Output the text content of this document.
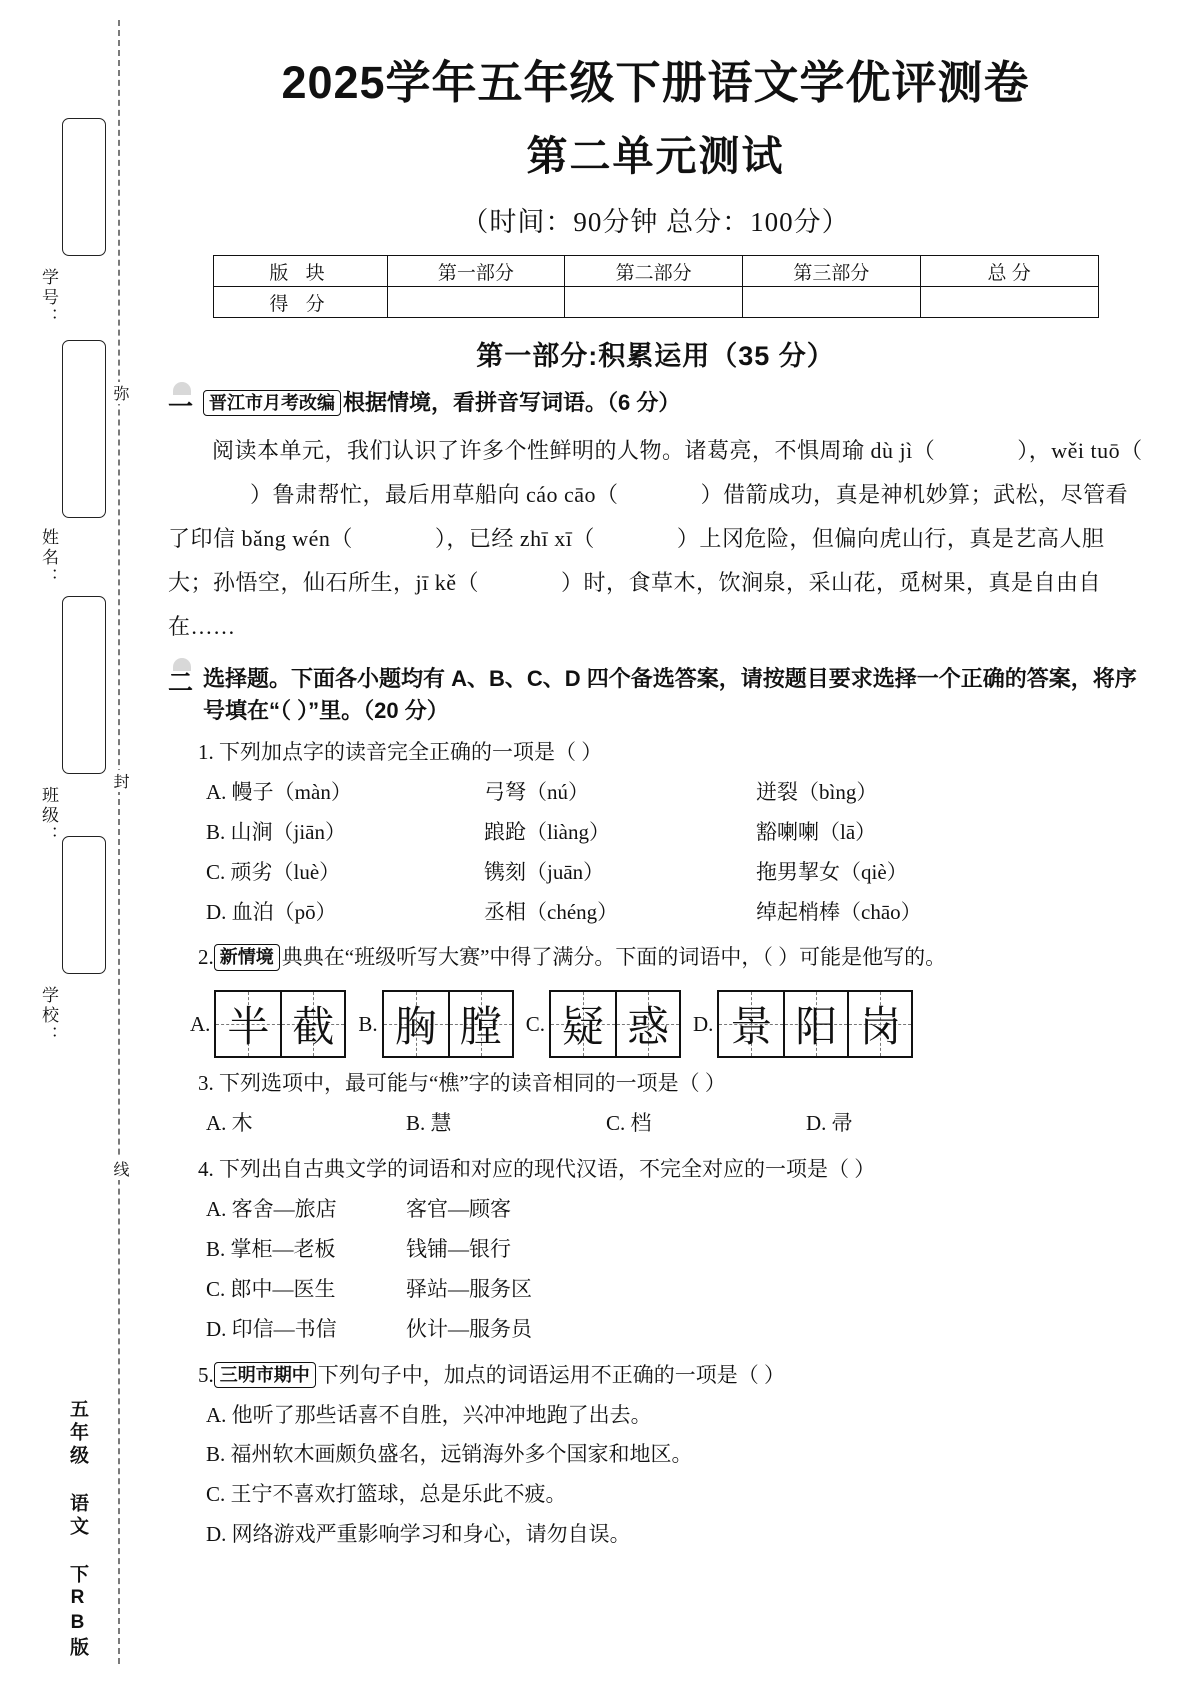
学号：
姓名：
班级：
学校：
弥
封
线
五年级 语文 下RB版
2025学年五年级下册语文学优评测卷
第二单元测试
（时间：90分钟 总分：100分）
版 块	第一部分	第二部分	第三部分	总 分
得 分				
第一部分:积累运用（35 分）
一 晋江市月考改编 根据情境，看拼音写词语。（6 分）
阅读本单元，我们认识了许多个性鲜明的人物。诸葛亮，不惧周瑜 dù jì（	），wěi tuō（）鲁肃帮忙，最后用草船向 cáo cāo（	）借箭成功，真是神机妙算；武松，尽管看了印信 bǎng wén（	），已经 zhī xī（	）上冈危险，但偏向虎山行，真是艺高人胆大；孙悟空，仙石所生，jī kě（	）时，食草木，饮涧泉，采山花，觅树果，真是自由自在……
二 选择题。下面各小题均有 A、B、C、D 四个备选答案，请按题目要求选择一个正确的答案，将序号填在“（ ）”里。（20 分）
1. 下列加点字的读音完全正确的一项是（ ）
A. 幔子（màn）	弓弩（nú）	迸裂（bìng）
B. 山涧（jiān）	踉跄（liàng）	豁喇喇（lā）
C. 顽劣（luè）	镌刻（juān）	拖男挈女（qiè）
D. 血泊（pō）	丞相（chéng）	绰起梢棒（chāo）
2. 新情境 典典在“班级听写大赛”中得了满分。下面的词语中，（ ）可能是他写的。
A. 半 截 B. 胸 膛 C. 疑 惑 D. 景 阳 岗
3. 下列选项中，最可能与“樵”字的读音相同的一项是（ ）
A. 木	B. 慧	C. 档	D. 帚
4. 下列出自古典文学的词语和对应的现代汉语，不完全对应的一项是（ ）
A. 客舍—旅店	客官—顾客
B. 掌柜—老板	钱铺—银行
C. 郎中—医生	驿站—服务区
D. 印信—书信	伙计—服务员
5. 三明市期中 下列句子中，加点的词语运用不正确的一项是（ ）
A. 他听了那些话喜不自胜，兴冲冲地跑了出去。
B. 福州软木画颇负盛名，远销海外多个国家和地区。
C. 王宁不喜欢打篮球，总是乐此不疲。
D. 网络游戏严重影响学习和身心，请勿自误。
